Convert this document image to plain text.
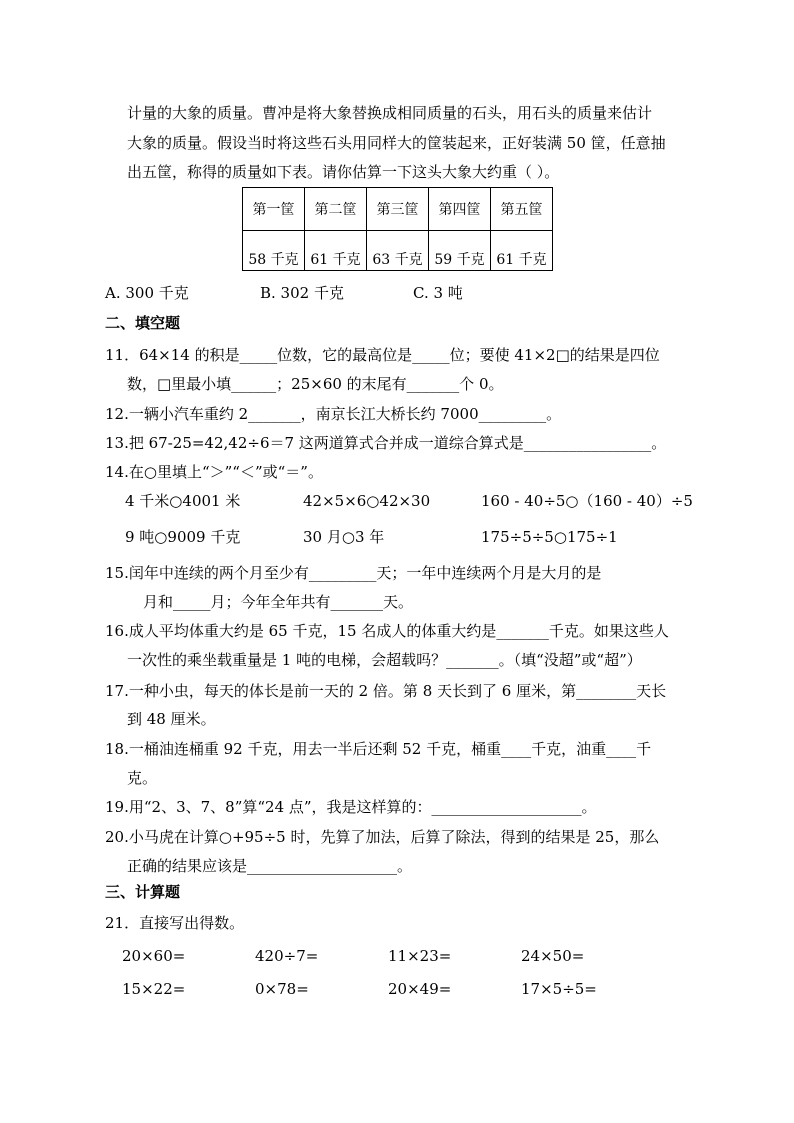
计量的大象的质量。曹冲是将大象替换成相同质量的石头，用石头的质量来估计
大象的质量。假设当时将这些石头用同样大的筐装起来，正好装满 50 筐，任意抽
出五筐，称得的质量如下表。请你估算一下这头大象大约重（ ）。
第一筐	第二筐	第三筐	第四筐	第五筐
58 千克	61 千克	63 千克	59 千克	61 千克
A. 300 千克	B. 302 千克	C. 3 吨
二、填空题
11．64×14 的积是_____位数，它的最高位是_____位；要使 41×2□的结果是四位
数，□里最小填______；25×60 的末尾有_______个 0。
12.一辆小汽车重约 2_______，南京长江大桥长约 7000_________。
13.把 67-25=42,42÷6＝7 这两道算式合并成一道综合算式是_________________。
14.在○里填上“＞”“＜”或“＝”。
4 千米○4001 米	42×5×6○42×30	160 - 40÷5○（160 - 40）÷5
9 吨○9009 千克	30 月○3 年	175÷5÷5○175÷1
15.闰年中连续的两个月至少有_________天；一年中连续两个月是大月的是
月和_____月；今年全年共有_______天。
16.成人平均体重大约是 65 千克，15 名成人的体重大约是_______千克。如果这些人
一次性的乘坐载重量是 1 吨的电梯，会超载吗？_______。（填“没超”或“超”）
17.一种小虫，每天的体长是前一天的 2 倍。第 8 天长到了 6 厘米，第________天长
到 48 厘米。
18.一桶油连桶重 92 千克，用去一半后还剩 52 千克，桶重____千克，油重____千
克。
19.用“2、3、7、8”算“24 点”，我是这样算的：____________________。
20.小马虎在计算○+95÷5 时，先算了加法，后算了除法，得到的结果是 25，那么
正确的结果应该是____________________。
三、计算题
21．直接写出得数。
20×60=	420÷7=	11×23=	24×50=
15×22=	0×78=	20×49=	17×5÷5=
